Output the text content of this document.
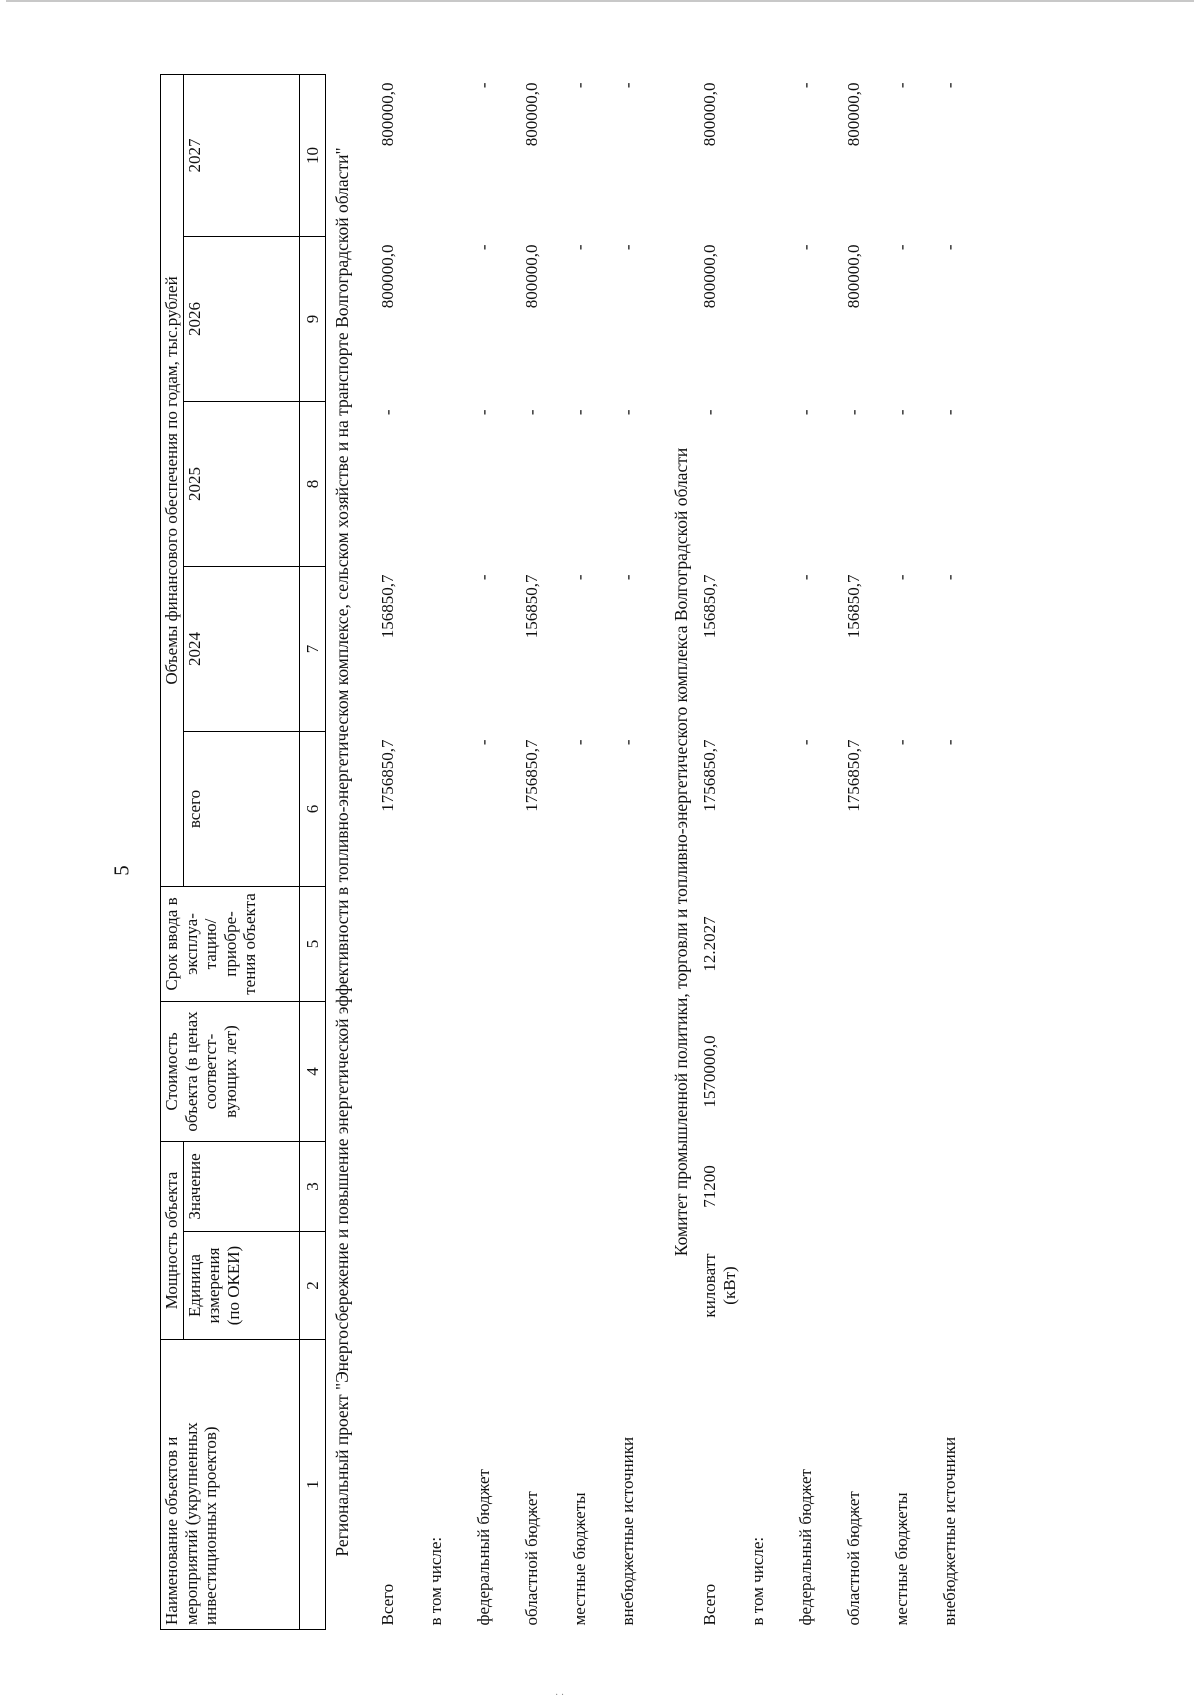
5
· ·
Наименование объектов и мероприятий (укрупненных инвестиционных проектов)	Мощность объекта		Стоимость объекта (в ценах соответст-вующих лет)	Срок ввода в эксплуа-тацию/ приобре-тения объекта	Объемы финансового обеспечения по годам, тыс.рублей				
	Единица измерения (по ОКЕИ)	Значение			всего	2024	2025	2026	2027
1	2	3	4	5	6	7	8	9	10
Региональный проект "Энергосбережение и повышение энергетической эффективности в топливно-энергетическом комплексе, сельском хозяйстве и на транспорте Волгоградской области"									
Всего					1756850,7	156850,7	-	800000,0	800000,0
в том числе:									
федеральный бюджет					-	-	-	-	-
областной бюджет					1756850,7	156850,7	-	800000,0	800000,0
местные бюджеты					-	-	-	-	-
внебюджетные источники					-	-	-	-	-
Комитет промышленной политики, торговли и топливно-энергетического комплекса Волгоградской области									
Всего	киловатт (кВт)	71200	1570000,0	12.2027	1756850,7	156850,7	-	800000,0	800000,0
в том числе:									
федеральный бюджет					-	-	-	-	-
областной бюджет					1756850,7	156850,7	-	800000,0	800000,0
местные бюджеты					-	-	-	-	-
внебюджетные источники					-	-	-	-	-
